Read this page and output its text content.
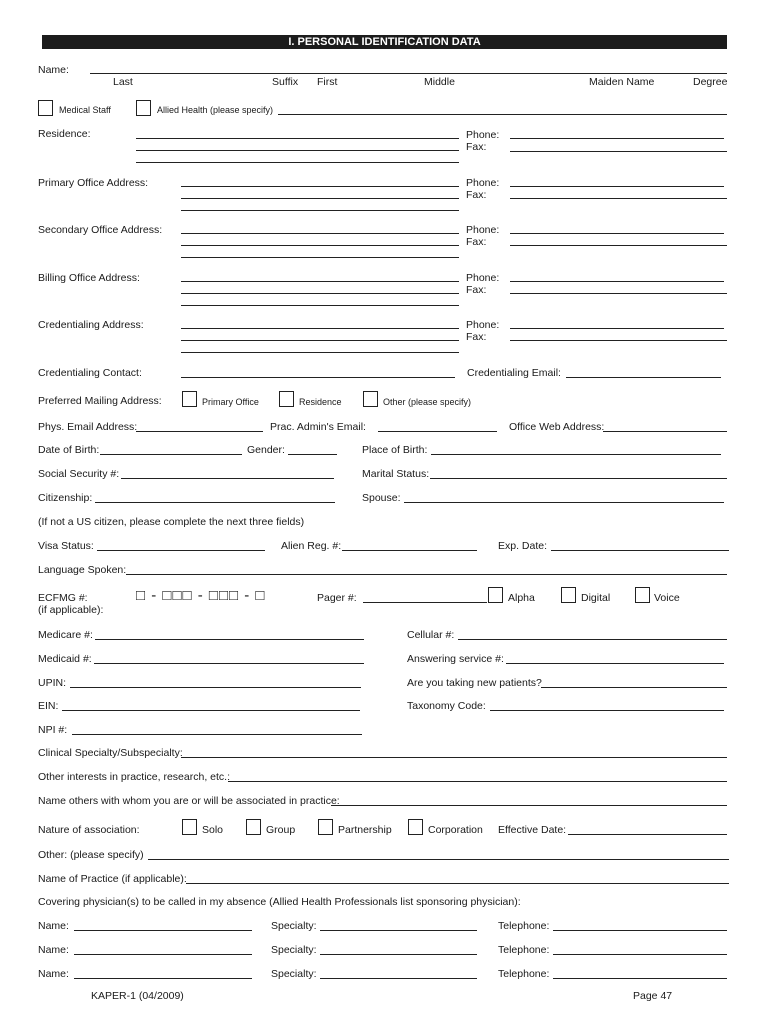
I. PERSONAL IDENTIFICATION DATA
Name:
Last	Suffix First	Middle	Maiden Name	Degree
Medical Staff	Allied Health (please specify)
Residence:	Phone:
Fax:
Primary Office Address:	Phone:
Fax:
Secondary Office Address:	Phone:
Fax:
Billing Office Address:	Phone:
Fax:
Credentialing Address:	Phone:
Fax:
Credentialing Contact:	Credentialing Email:
Preferred Mailing Address:	Primary Office	Residence	Other (please specify)
Phys. Email Address:	Prac. Admin's Email:	Office Web Address:
Date of Birth:	Gender:	Place of Birth:
Social Security #:	Marital Status:
Citizenship:	Spouse:
(If not a US citizen, please complete the next three fields)
Visa Status:	Alien Reg. #:	Exp. Date:
Language Spoken:
ECFMG #:
(if applicable):
□ - □□□ - □□□ - □	Pager #:	Alpha	Digital	Voice
Medicare #:	Cellular #:
Medicaid #:	Answering service #:
UPIN:	Are you taking new patients?
EIN:	Taxonomy Code:
NPI #:
Clinical Specialty/Subspecialty:
Other interests in practice, research, etc.:
Name others with whom you are or will be associated in practice:
Nature of association:	Solo	Group	Partnership	Corporation Effective Date:
Other: (please specify)
Name of Practice (if applicable):
Covering physician(s) to be called in my absence (Allied Health Professionals list sponsoring physician):
Name:	Specialty:	Telephone:
Name:	Specialty:	Telephone:
Name:	Specialty:	Telephone:
KAPER-1 (04/2009)	Page 47
